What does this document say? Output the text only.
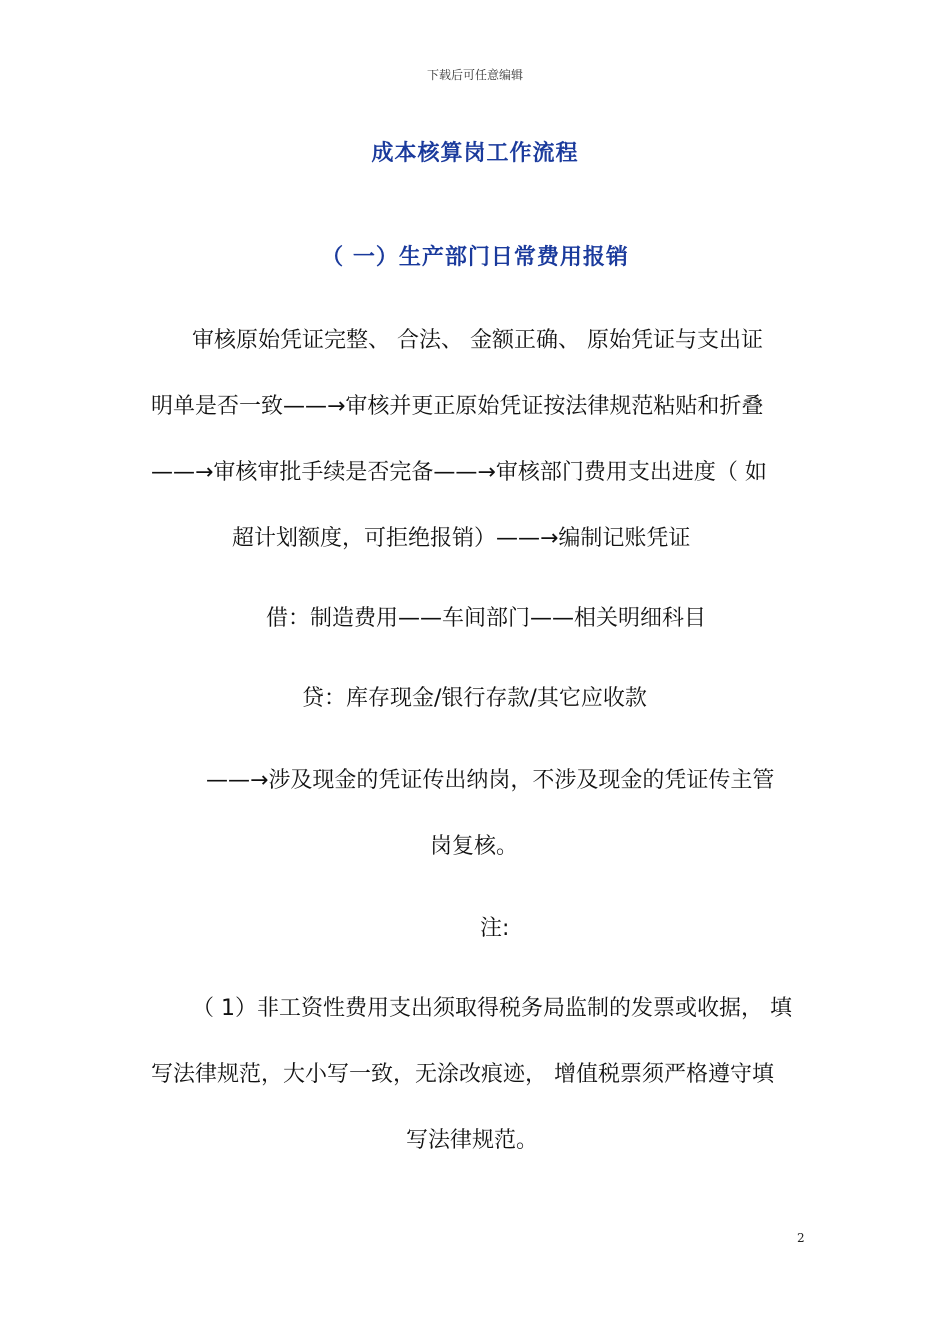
下载后可任意编辑
成本核算岗工作流程
（ 一）生产部门日常费用报销
审核原始凭证完整、 合法、 金额正确、 原始凭证与支出证
明单是否一致——→审核并更正原始凭证按法律规范粘贴和折叠
——→审核审批手续是否完备——→审核部门费用支出进度（ 如
超计划额度，可拒绝报销）——→编制记账凭证
借：制造费用——车间部门——相关明细科目
贷：库存现金/银行存款/其它应收款
——→涉及现金的凭证传出纳岗，不涉及现金的凭证传主管
岗复核。
注:
（ 1）非工资性费用支出须取得税务局监制的发票或收据， 填
写法律规范，大小写一致，无涂改痕迹， 增值税票须严格遵守填
写法律规范。
2
